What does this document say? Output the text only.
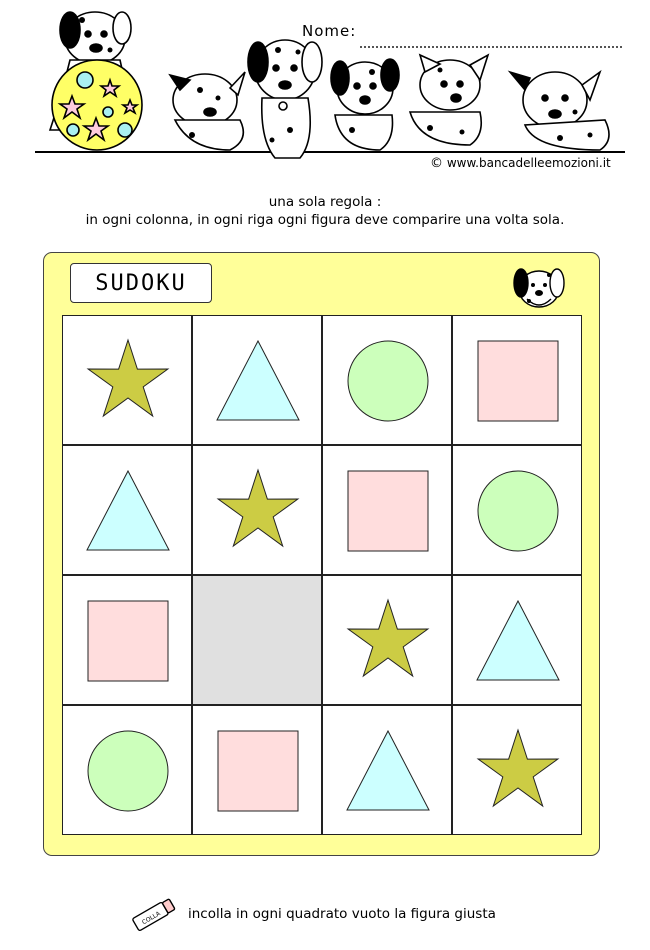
Nome:
© www.bancadelleemozioni.it
una sola regola :
in ogni colonna, in ogni riga ogni figura deve comparire una volta sola.
SUDOKU
COLLA incolla in ogni quadrato vuoto la figura giusta
